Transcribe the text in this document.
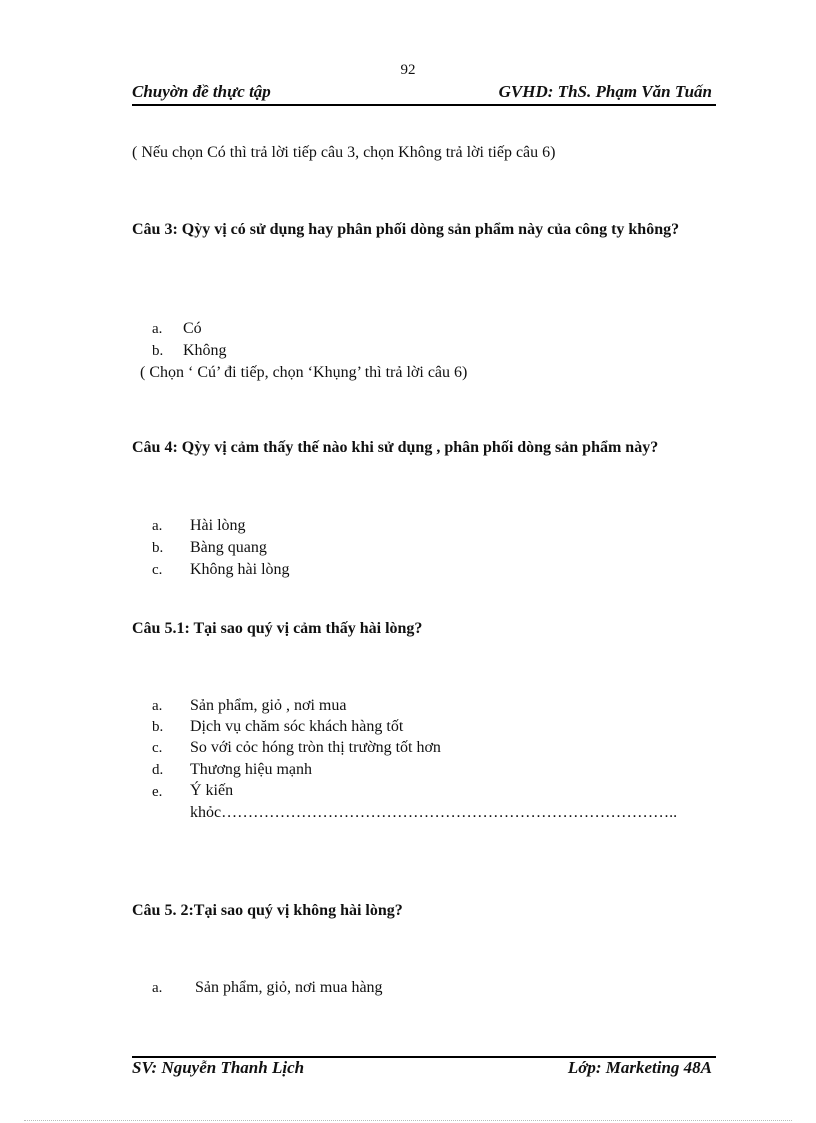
92
Chuyờn đề thực tập	GVHD: ThS. Phạm Văn Tuấn
( Nếu chọn Có thì trả lời tiếp câu 3, chọn Không trả lời tiếp câu 6)
Câu 3: Qỳy vị có sử dụng hay phân phối dòng sản phẩm này của công ty không?
a. Có
b. Không
( Chọn ‘ Cú’ đi tiếp, chọn ‘Khụng’ thì trả lời câu 6)
Câu 4: Qỳy vị cảm thấy thế nào khi sử dụng , phân phối dòng sản phẩm này?
a. Hài lòng
b. Bàng quang
c. Không hài lòng
Câu 5.1: Tại sao quý vị cảm thấy hài lòng?
a. Sản phẩm, giỏ , nơi mua
b. Dịch vụ chăm sóc khách hàng tốt
c. So với cỏc hóng tròn thị trường tốt hơn
d. Thương hiệu mạnh
e. Ý kiến
khỏc…………………………………………………………………………..
Câu 5. 2:Tại sao quý vị không hài lòng?
a. Sản phẩm, giỏ, nơi mua hàng
SV: Nguyễn Thanh Lịch	Lớp: Marketing 48A
